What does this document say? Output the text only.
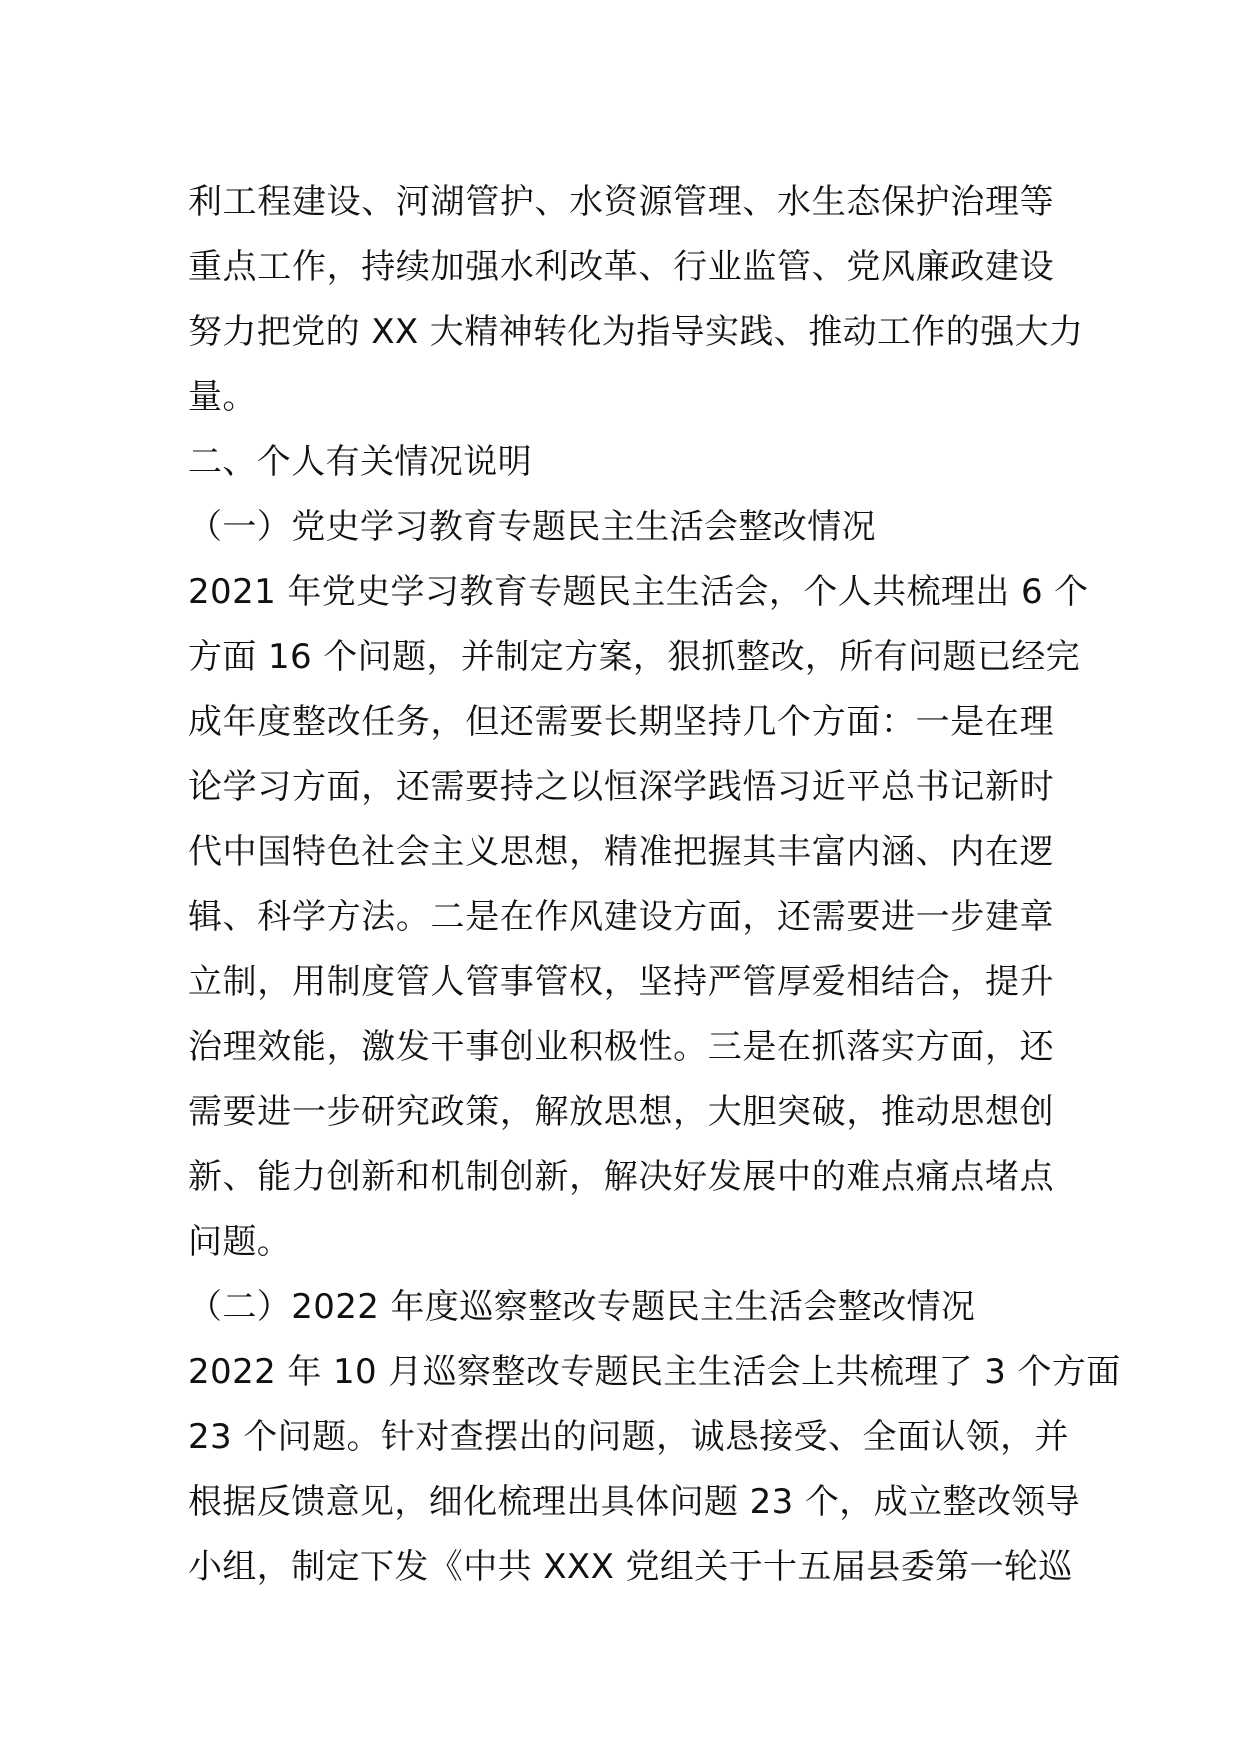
利工程建设、河湖管护、水资源管理、水生态保护治理等
重点工作，持续加强水利改革、行业监管、党风廉政建设
努力把党的 XX 大精神转化为指导实践、推动工作的强大力
量。
二、个人有关情况说明
（一）党史学习教育专题民主生活会整改情况
2021 年党史学习教育专题民主生活会，个人共梳理出 6 个
方面 16 个问题，并制定方案，狠抓整改，所有问题已经完
成年度整改任务，但还需要长期坚持几个方面：一是在理
论学习方面，还需要持之以恒深学践悟习近平总书记新时
代中国特色社会主义思想，精准把握其丰富内涵、内在逻
辑、科学方法。二是在作风建设方面，还需要进一步建章
立制，用制度管人管事管权，坚持严管厚爱相结合，提升
治理效能，激发干事创业积极性。三是在抓落实方面，还
需要进一步研究政策，解放思想，大胆突破，推动思想创
新、能力创新和机制创新，解决好发展中的难点痛点堵点
问题。
（二）2022 年度巡察整改专题民主生活会整改情况
2022 年 10 月巡察整改专题民主生活会上共梳理了 3 个方面
23 个问题。针对查摆出的问题，诚恳接受、全面认领，并
根据反馈意见，细化梳理出具体问题 23 个，成立整改领导
小组，制定下发《中共 XXX 党组关于十五届县委第一轮巡
